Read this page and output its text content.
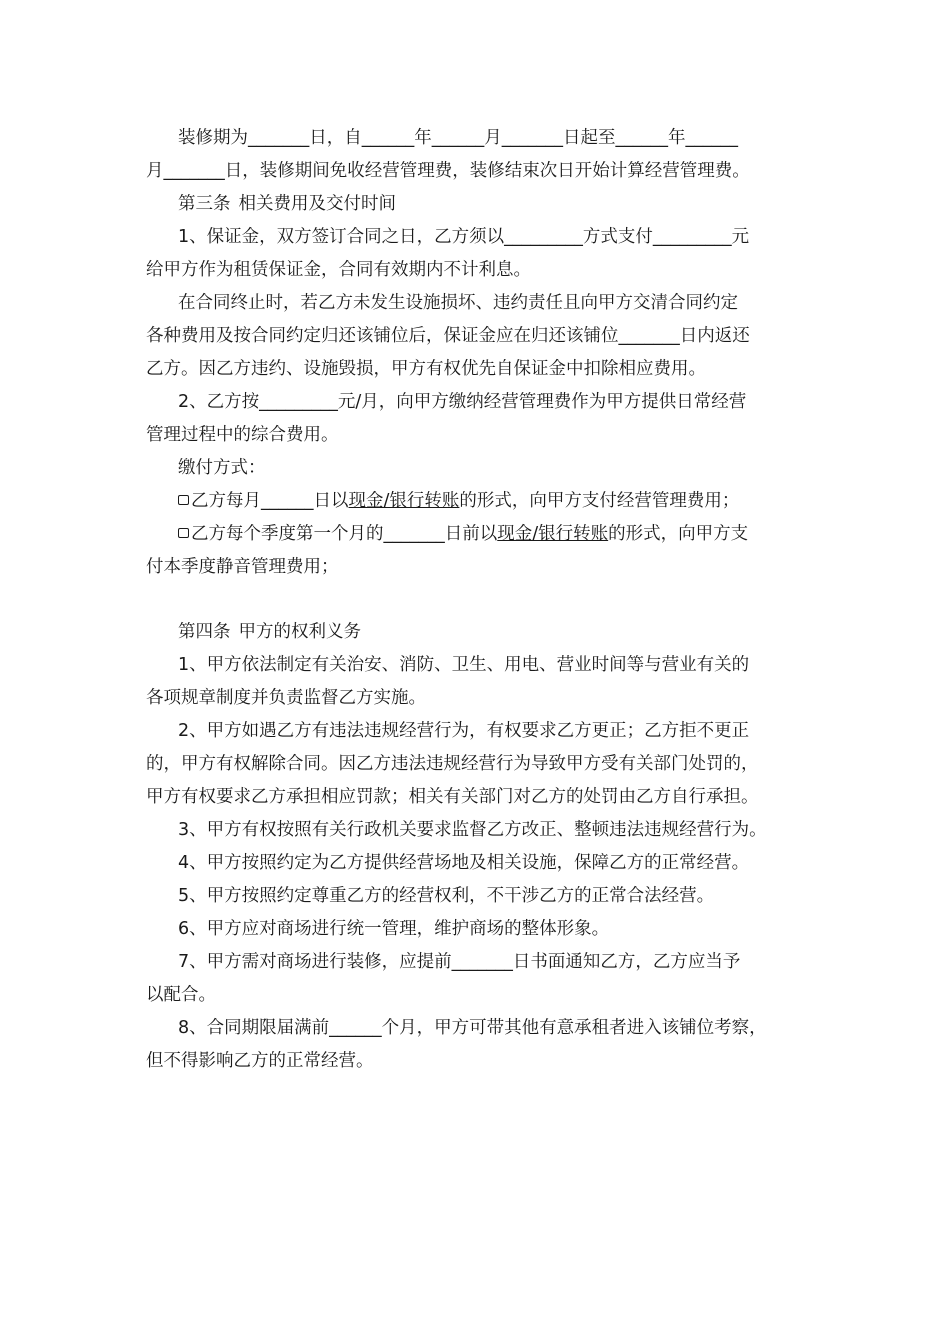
装修期为_______日，自______年______月_______日起至______年______
月_______日，装修期间免收经营管理费，装修结束次日开始计算经营管理费。
第三条 相关费用及交付时间
1、保证金，双方签订合同之日，乙方须以_________方式支付_________元
给甲方作为租赁保证金，合同有效期内不计利息。
在合同终止时，若乙方未发生设施损坏、违约责任且向甲方交清合同约定
各种费用及按合同约定归还该铺位后，保证金应在归还该铺位_______日内返还
乙方。因乙方违约、设施毁损，甲方有权优先自保证金中扣除相应费用。
2、乙方按_________元/月，向甲方缴纳经营管理费作为甲方提供日常经营
管理过程中的综合费用。
缴付方式：
乙方每月______日以现金/银行转账的形式，向甲方支付经营管理费用；
乙方每个季度第一个月的_______日前以现金/银行转账的形式，向甲方支
付本季度静音管理费用；
第四条 甲方的权利义务
1、甲方依法制定有关治安、消防、卫生、用电、营业时间等与营业有关的
各项规章制度并负责监督乙方实施。
2、甲方如遇乙方有违法违规经营行为，有权要求乙方更正；乙方拒不更正
的，甲方有权解除合同。因乙方违法违规经营行为导致甲方受有关部门处罚的，
甲方有权要求乙方承担相应罚款；相关有关部门对乙方的处罚由乙方自行承担。
3、甲方有权按照有关行政机关要求监督乙方改正、整顿违法违规经营行为。
4、甲方按照约定为乙方提供经营场地及相关设施，保障乙方的正常经营。
5、甲方按照约定尊重乙方的经营权利，不干涉乙方的正常合法经营。
6、甲方应对商场进行统一管理，维护商场的整体形象。
7、甲方需对商场进行装修，应提前_______日书面通知乙方，乙方应当予
以配合。
8、合同期限届满前______个月，甲方可带其他有意承租者进入该铺位考察，
但不得影响乙方的正常经营。
